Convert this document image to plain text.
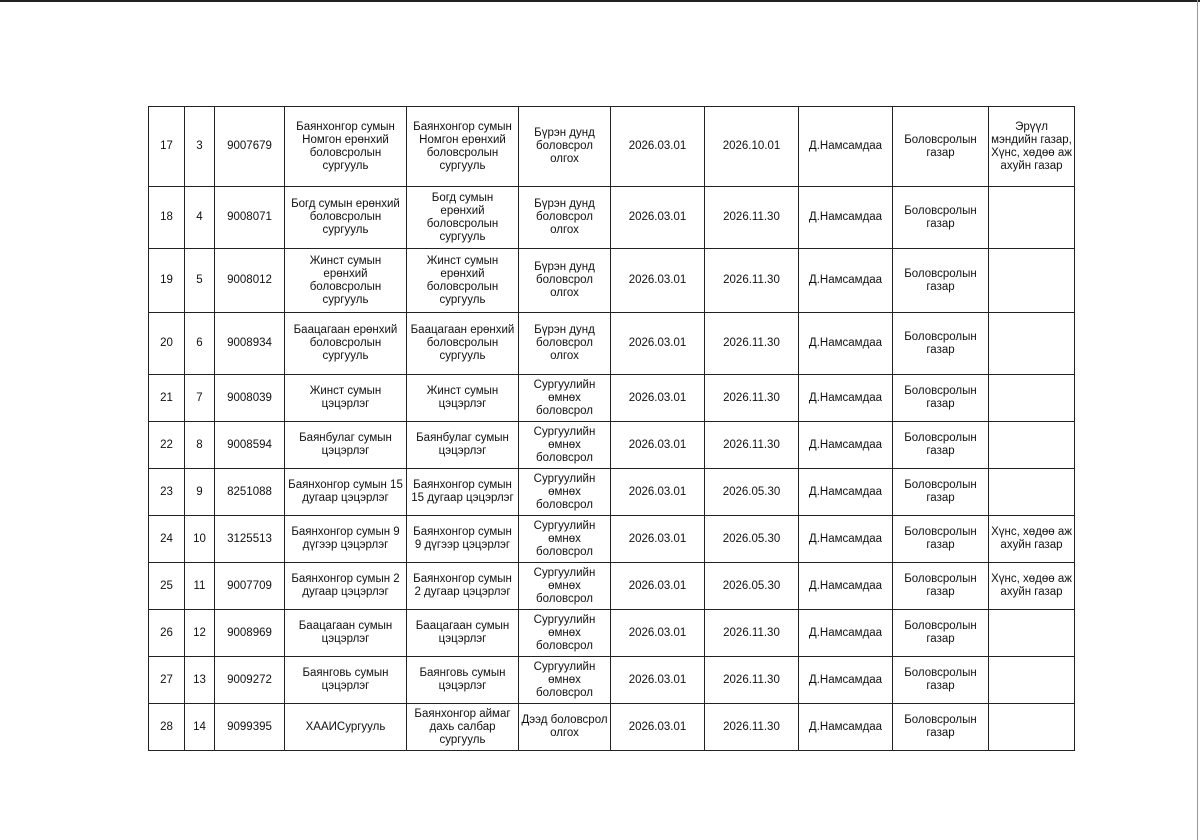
17	3	9007679	Баянхонгор сумын Номгон ерөнхий боловсролын сургууль	Баянхонгор сумын Номгон ерөнхий боловсролын сургууль	Бүрэн дунд боловсрол олгох	2026.03.01	2026.10.01	Д.Намсамдаа	Боловсролын газар	Эрүүл мэндийн газар, Хүнс, хөдөө аж ахуйн газар
18	4	9008071	Богд сумын ерөнхий боловсролын сургууль	Богд сумын ерөнхий боловсролын сургууль	Бүрэн дунд боловсрол олгох	2026.03.01	2026.11.30	Д.Намсамдаа	Боловсролын газар	
19	5	9008012	Жинст сумын ерөнхий боловсролын сургууль	Жинст сумын ерөнхий боловсролын сургууль	Бүрэн дунд боловсрол олгох	2026.03.01	2026.11.30	Д.Намсамдаа	Боловсролын газар	
20	6	9008934	Баацагаан ерөнхий боловсролын сургууль	Баацагаан ерөнхий боловсролын сургууль	Бүрэн дунд боловсрол олгох	2026.03.01	2026.11.30	Д.Намсамдаа	Боловсролын газар	
21	7	9008039	Жинст сумын цэцэрлэг	Жинст сумын цэцэрлэг	Сургуулийн өмнөх боловсрол	2026.03.01	2026.11.30	Д.Намсамдаа	Боловсролын газар	
22	8	9008594	Баянбулаг сумын цэцэрлэг	Баянбулаг сумын цэцэрлэг	Сургуулийн өмнөх боловсрол	2026.03.01	2026.11.30	Д.Намсамдаа	Боловсролын газар	
23	9	8251088	Баянхонгор сумын 15 дугаар цэцэрлэг	Баянхонгор сумын 15 дугаар цэцэрлэг	Сургуулийн өмнөх боловсрол	2026.03.01	2026.05.30	Д.Намсамдаа	Боловсролын газар	
24	10	3125513	Баянхонгор сумын 9 дүгээр цэцэрлэг	Баянхонгор сумын 9 дүгээр цэцэрлэг	Сургуулийн өмнөх боловсрол	2026.03.01	2026.05.30	Д.Намсамдаа	Боловсролын газар	Хүнс, хөдөө аж ахуйн газар
25	11	9007709	Баянхонгор сумын 2 дугаар цэцэрлэг	Баянхонгор сумын 2 дугаар цэцэрлэг	Сургуулийн өмнөх боловсрол	2026.03.01	2026.05.30	Д.Намсамдаа	Боловсролын газар	Хүнс, хөдөө аж ахуйн газар
26	12	9008969	Баацагаан сумын цэцэрлэг	Баацагаан сумын цэцэрлэг	Сургуулийн өмнөх боловсрол	2026.03.01	2026.11.30	Д.Намсамдаа	Боловсролын газар	
27	13	9009272	Баянговь сумын цэцэрлэг	Баянговь сумын цэцэрлэг	Сургуулийн өмнөх боловсрол	2026.03.01	2026.11.30	Д.Намсамдаа	Боловсролын газар	
28	14	9099395	ХААИСургууль	Баянхонгор аймаг дахь салбар сургууль	Дээд боловсрол олгох	2026.03.01	2026.11.30	Д.Намсамдаа	Боловсролын газар	
